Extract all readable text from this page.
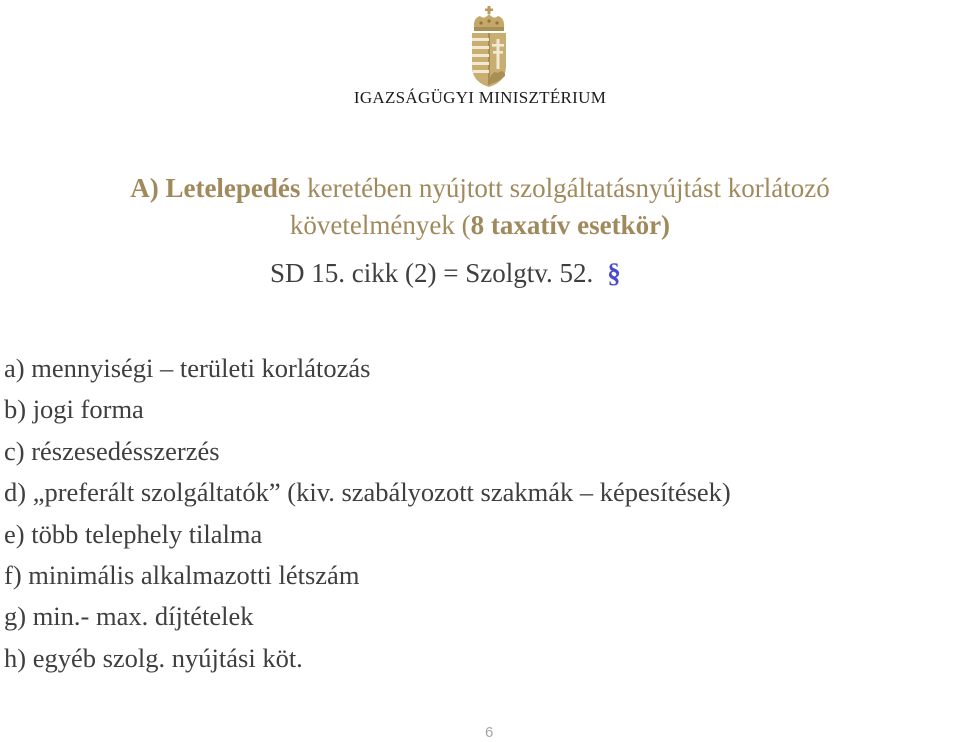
IGAZSÁGÜGYI MINISZTÉRIUM
A) Letelepedés keretében nyújtott szolgáltatásnyújtást korlátozó
követelmények (8 taxatív esetkör)
SD 15. cikk (2) = Szolgtv. 52. §
a) mennyiségi – területi korlátozás
b) jogi forma
c) részesedésszerzés
d) „preferált szolgáltatók” (kiv. szabályozott szakmák – képesítések)
e) több telephely tilalma
f) minimális alkalmazotti létszám
g) min.- max. díjtételek
h) egyéb szolg. nyújtási köt.
6
